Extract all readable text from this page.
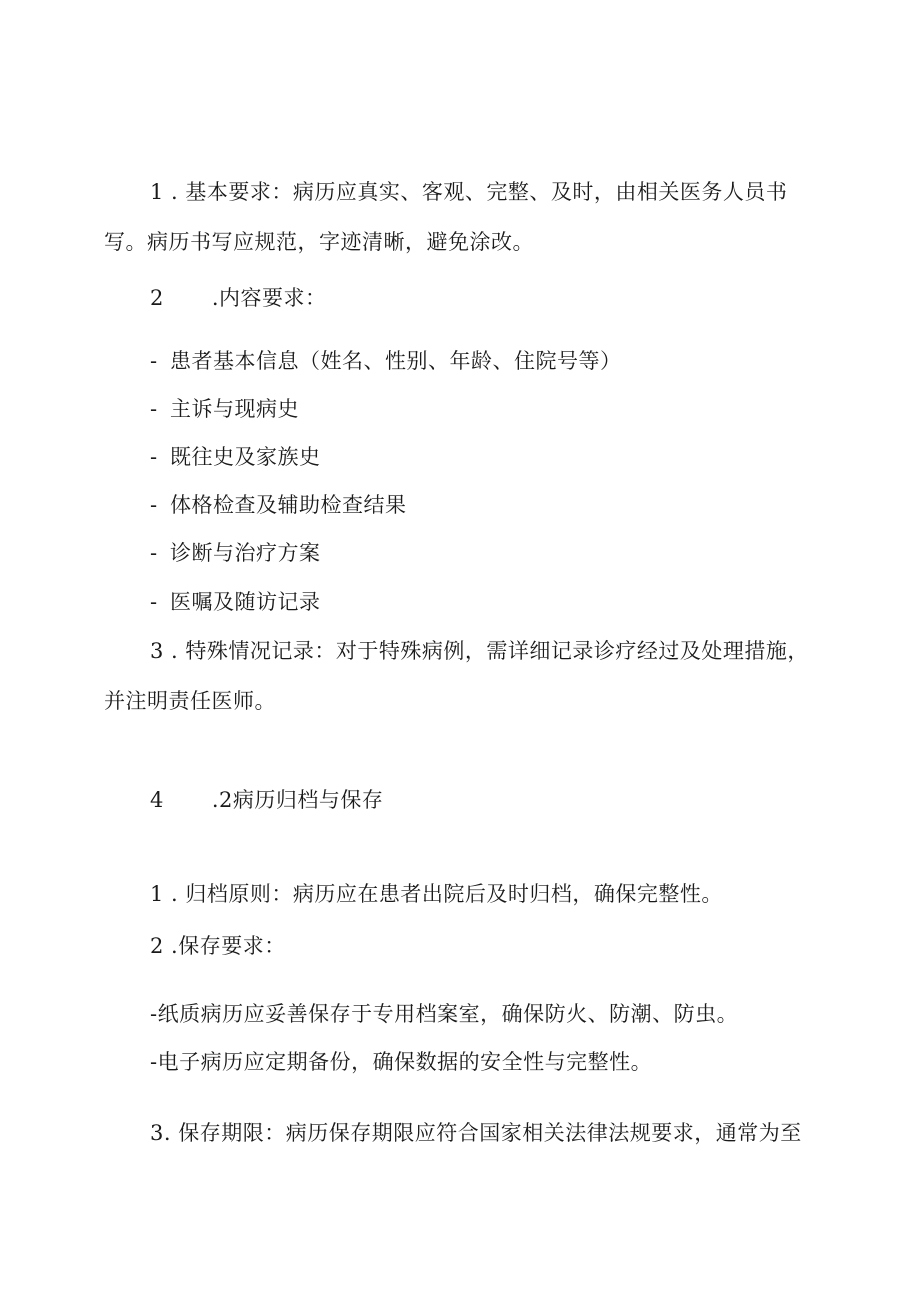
1 . 基本要求：病历应真实、客观、完整、及时，由相关医务人员书
写。病历书写应规范，字迹清晰，避免涂改。
2 .内容要求：
- 患者基本信息（姓名、性别、年龄、住院号等）
- 主诉与现病史
- 既往史及家族史
- 体格检查及辅助检查结果
- 诊断与治疗方案
- 医嘱及随访记录
3 . 特殊情况记录：对于特殊病例，需详细记录诊疗经过及处理措施，
并注明责任医师。
4 .2病历归档与保存
1 . 归档原则：病历应在患者出院后及时归档，确保完整性。
2 .保存要求：
-纸质病历应妥善保存于专用档案室，确保防火、防潮、防虫。
-电子病历应定期备份，确保数据的安全性与完整性。
3. 保存期限：病历保存期限应符合国家相关法律法规要求，通常为至
